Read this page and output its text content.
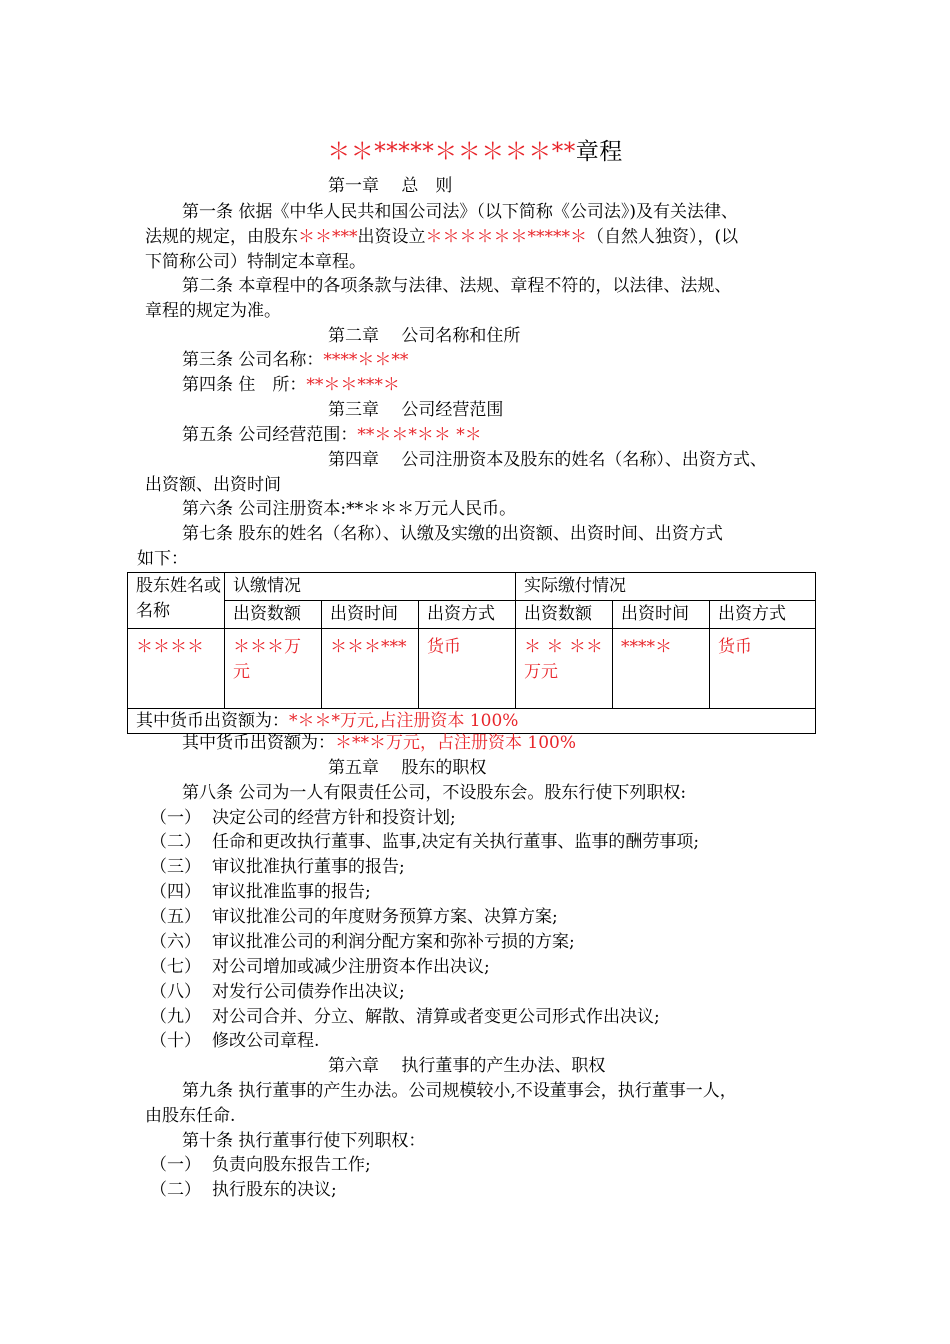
＊＊*****＊＊＊＊＊**章程
第一章　 总　则
第一条 依据《中华人民共和国公司法》（以下简称《公司法》)及有关法律、
法规的规定，由股东＊＊***出资设立＊＊＊＊＊＊*****＊（自然人独资），(以
下简称公司）特制定本章程。
第二条 本章程中的各项条款与法律、法规、章程不符的，以法律、法规、
章程的规定为准。
第二章　 公司名称和住所
第三条 公司名称：****＊＊**
第四条 住　所：**＊＊***＊
第三章　 公司经营范围
第五条 公司经营范围：**＊＊*＊＊ *＊
第四章　 公司注册资本及股东的姓名（名称）、出资方式、
出资额、出资时间
第六条 公司注册资本:**＊＊＊万元人民币。
第七条 股东的姓名（名称）、认缴及实缴的出资额、出资时间、出资方式
如下：
股东姓名或名称	认缴情况			实际缴付情况		
	出资数额	出资时间	出资方式	出资数额	出资时间	出资方式
＊＊＊＊	＊＊＊万元	＊＊＊***	货币	＊ ＊ ＊＊万元	****＊	货币
其中货币出资额为：*＊＊*万元,占注册资本 100%						
其中货币出资额为：＊**＊万元，占注册资本 100%
第五章　 股东的职权
第八条 公司为一人有限责任公司，不设股东会。股东行使下列职权:
（一） 决定公司的经营方针和投资计划;
（二） 任命和更改执行董事、监事,决定有关执行董事、监事的酬劳事项;
（三） 审议批准执行董事的报告;
（四） 审议批准监事的报告;
（五） 审议批准公司的年度财务预算方案、决算方案;
（六） 审议批准公司的利润分配方案和弥补亏损的方案;
（七） 对公司增加或减少注册资本作出决议;
（八） 对发行公司债券作出决议;
（九） 对公司合并、分立、解散、清算或者变更公司形式作出决议;
（十） 修改公司章程.
第六章　 执行董事的产生办法、职权
第九条 执行董事的产生办法。公司规模较小,不设董事会，执行董事一人，
由股东任命.
第十条 执行董事行使下列职权：
（一） 负责向股东报告工作;
（二） 执行股东的决议;
